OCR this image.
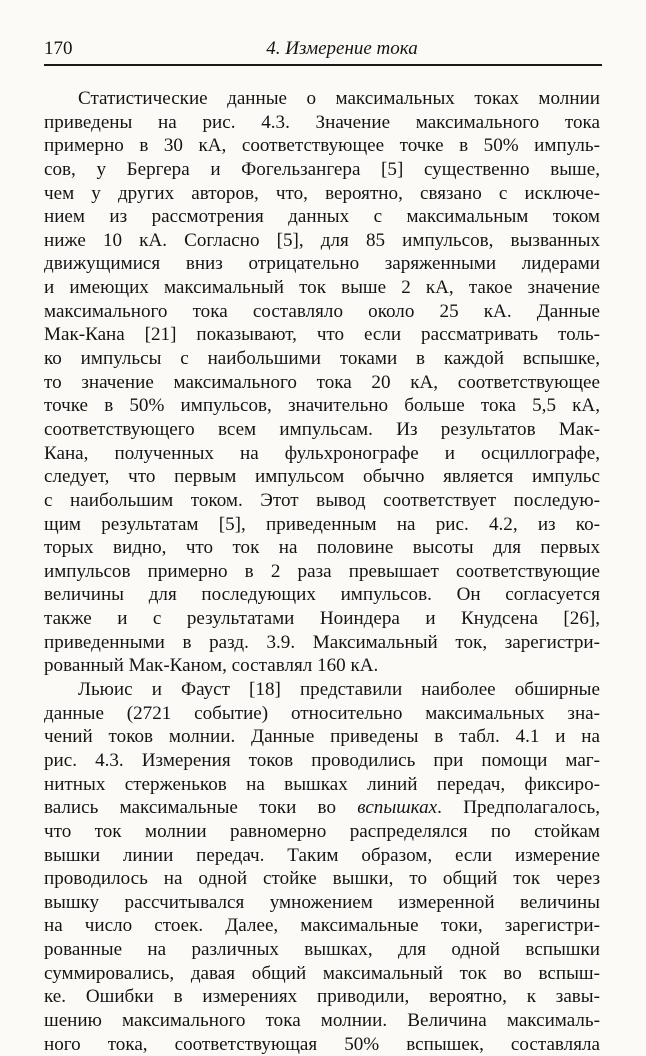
170	4. Измерение тока
Статистические данные о максимальных токах молнии
приведены на рис. 4.3. Значение максимального тока
примерно в 30 кА, соответствующее точке в 50% импуль-
сов, у Бергера и Фогельзангера [5] существенно выше,
чем у других авторов, что, вероятно, связано с исключе-
нием из рассмотрения данных с максимальным током
ниже 10 кА. Согласно [5], для 85 импульсов, вызванных
движущимися вниз отрицательно заряженными лидерами
и имеющих максимальный ток выше 2 кА, такое значение
максимального тока составляло около 25 кА. Данные
Мак-Кана [21] показывают, что если рассматривать толь-
ко импульсы с наибольшими токами в каждой вспышке,
то значение максимального тока 20 кА, соответствующее
точке в 50% импульсов, значительно больше тока 5,5 кА,
соответствующего всем импульсам. Из результатов Мак-
Кана, полученных на фульхронографе и осциллографе,
следует, что первым импульсом обычно является импульс
с наибольшим током. Этот вывод соответствует последую-
щим результатам [5], приведенным на рис. 4.2, из ко-
торых видно, что ток на половине высоты для первых
импульсов примерно в 2 раза превышает соответствующие
величины для последующих импульсов. Он согласуется
также и с результатами Ноиндера и Кнудсена [26],
приведенными в разд. 3.9. Максимальный ток, зарегистри-
рованный Мак-Каном, составлял 160 кА.
Льюис и Фауст [18] представили наиболее обширные
данные (2721 событие) относительно максимальных зна-
чений токов молнии. Данные приведены в табл. 4.1 и на
рис. 4.3. Измерения токов проводились при помощи маг-
нитных стерженьков на вышках линий передач, фиксиро-
вались максимальные токи во вспышках. Предполагалось,
что ток молнии равномерно распределялся по стойкам
вышки линии передач. Таким образом, если измерение
проводилось на одной стойке вышки, то общий ток через
вышку рассчитывался умножением измеренной величины
на число стоек. Далее, максимальные токи, зарегистри-
рованные на различных вышках, для одной вспышки
суммировались, давая общий максимальный ток во вспыш-
ке. Ошибки в измерениях приводили, вероятно, к завы-
шению максимального тока молнии. Величина максималь-
ного тока, соответствующая 50% вспышек, составляла
